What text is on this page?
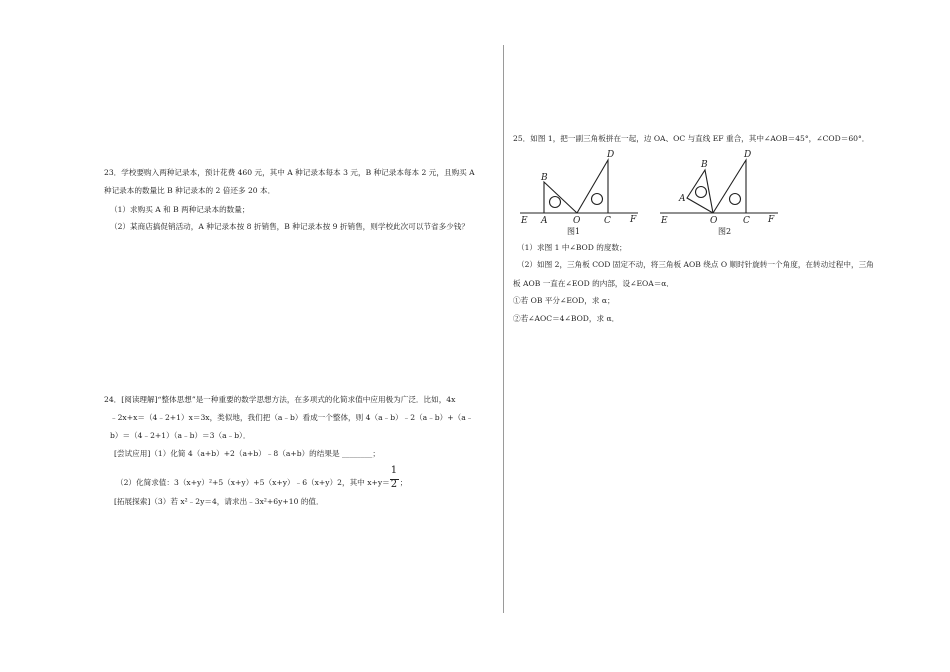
23．学校要购入两种记录本，预计花费 460 元，其中 A 种记录本每本 3 元，B 种记录本每本 2 元，且购买 A
种记录本的数量比 B 种记录本的 2 倍还多 20 本．
（1）求购买 A 和 B 两种记录本的数量；
（2）某商店搞促销活动，A 种记录本按 8 折销售，B 种记录本按 9 折销售，则学校此次可以节省多少钱？
24．[阅读理解]“整体思想”是一种重要的数学思想方法，在多项式的化简求值中应用极为广泛．比如，4x
﹣2x+x＝（4﹣2+1）x＝3x，类似地，我们把（a﹣b）看成一个整体，则 4（a﹣b）﹣2（a﹣b）+（a﹣
b）＝（4﹣2+1）（a﹣b）＝3（a﹣b）．
[尝试应用]（1）化简 4（a+b）+2（a+b）﹣8（a+b）的结果是 ________；
（2）化简求值：3（x+y）²+5（x+y）+5（x+y）﹣6（x+y）2，其中 $x+y= \frac{1}{2}$ ；
[拓展探索]（3）若 x²﹣2y＝4，请求出﹣3x²+6y+10 的值．
25．如图 1，把一副三角板拼在一起，边 OA、OC 与直线 EF 重合，其中∠AOB＝45°，∠COD＝60°．
E A	O	C F
B
D
图1
E
A
O	C F
B
D
图2
（1）求图 1 中∠BOD 的度数；
（2）如图 2，三角板 COD 固定不动，将三角板 AOB 绕点 O 顺时针旋转一个角度，在转动过程中，三角
板 AOB 一直在∠EOD 的内部，设∠EOA＝α．
①若 OB 平分∠EOD，求 α；
②若∠AOC＝4∠BOD，求 α．
